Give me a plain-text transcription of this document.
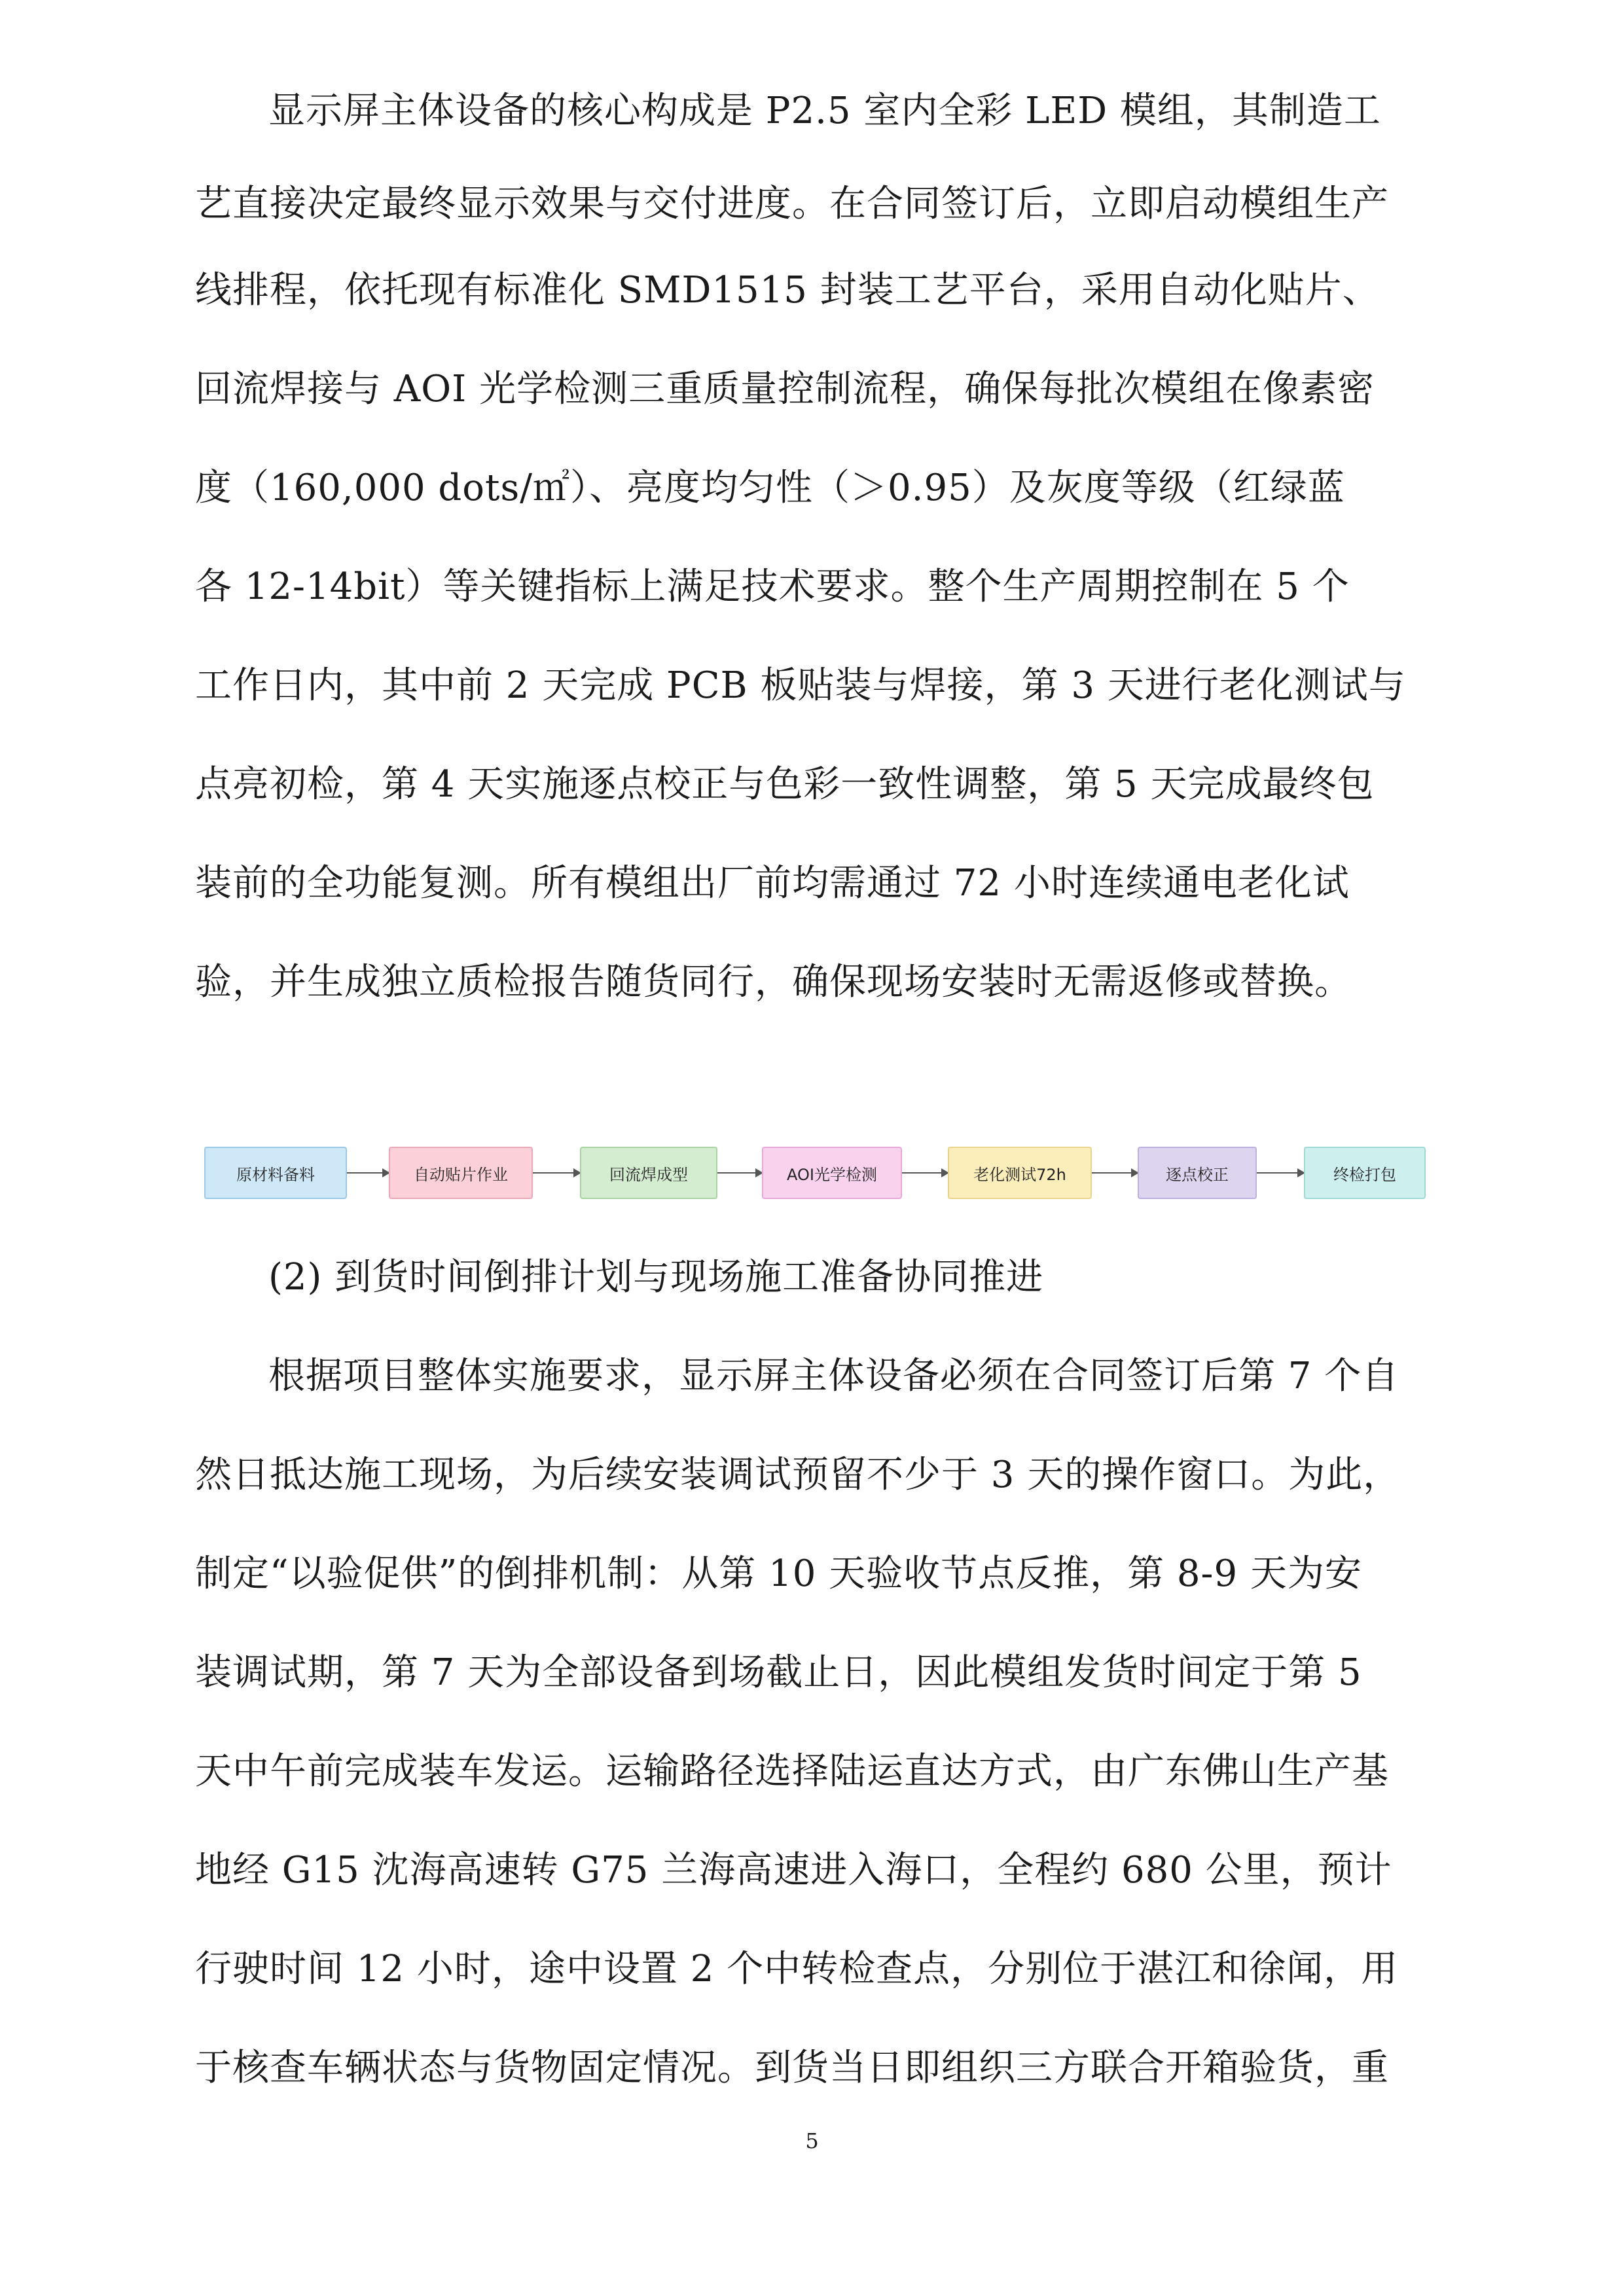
显示屏主体设备的核心构成是 P2.5 室内全彩 LED 模组，其制造工
艺直接决定最终显示效果与交付进度。在合同签订后，立即启动模组生产
线排程，依托现有标准化 SMD1515 封装工艺平台，采用自动化贴片、
回流焊接与 AOI 光学检测三重质量控制流程，确保每批次模组在像素密
度（160,000 dots/㎡）、亮度均匀性（＞0.95）及灰度等级（红绿蓝
各 12-14bit）等关键指标上满足技术要求。整个生产周期控制在 5 个
工作日内，其中前 2 天完成 PCB 板贴装与焊接，第 3 天进行老化测试与
点亮初检，第 4 天实施逐点校正与色彩一致性调整，第 5 天完成最终包
装前的全功能复测。所有模组出厂前均需通过 72 小时连续通电老化试
验，并生成独立质检报告随货同行，确保现场安装时无需返修或替换。
原材料备料	自动贴片作业	回流焊成型	AOI光学检测	老化测试72h	逐点校正	终检打包
(2) 到货时间倒排计划与现场施工准备协同推进
根据项目整体实施要求，显示屏主体设备必须在合同签订后第 7 个自
然日抵达施工现场，为后续安装调试预留不少于 3 天的操作窗口。为此，
制定“以验促供”的倒排机制：从第 10 天验收节点反推，第 8-9 天为安
装调试期，第 7 天为全部设备到场截止日，因此模组发货时间定于第 5
天中午前完成装车发运。运输路径选择陆运直达方式，由广东佛山生产基
地经 G15 沈海高速转 G75 兰海高速进入海口，全程约 680 公里，预计
行驶时间 12 小时，途中设置 2 个中转检查点，分别位于湛江和徐闻，用
于核查车辆状态与货物固定情况。到货当日即组织三方联合开箱验货，重
5
